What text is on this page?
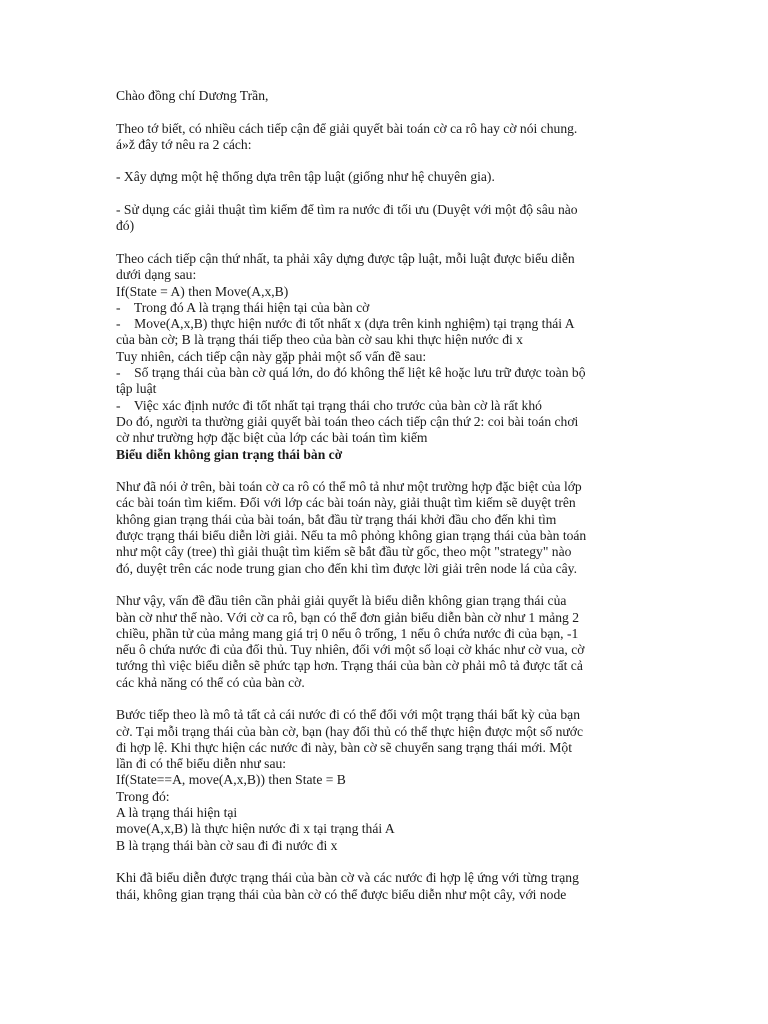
Chào đồng chí Dương Trần,
Theo tớ biết, có nhiều cách tiếp cận để giải quyết bài toán cờ ca rô hay cờ nói chung.
á»ž đây tớ nêu ra 2 cách:
- Xây dựng một hệ thống dựa trên tập luật (giống như hệ chuyên gia).
- Sử dụng các giải thuật tìm kiếm để tìm ra nước đi tối ưu (Duyệt với một độ sâu nào
đó)
Theo cách tiếp cận thứ nhất, ta phải xây dựng được tập luật, mỗi luật được biểu diễn
dưới dạng sau:
If(State = A) then Move(A,x,B)
-    Trong đó A là trạng thái hiện tại của bàn cờ
-    Move(A,x,B) thực hiện nước đi tốt nhất x (dựa trên kinh nghiệm) tại trạng thái A
của bàn cờ; B là trạng thái tiếp theo của bàn cờ sau khi thực hiện nước đi x
Tuy nhiên, cách tiếp cận này gặp phải một số vấn đề sau:
-    Số trạng thái của bàn cờ quá lớn, do đó không thể liệt kê hoặc lưu trữ được toàn bộ
tập luật
-    Việc xác định nước đi tốt nhất tại trạng thái cho trước của bàn cờ là rất khó
Do đó, người ta thường giải quyết bài toán theo cách tiếp cận thứ 2: coi bài toán chơi
cờ như trường hợp đặc biệt của lớp các bài toán tìm kiếm
Biểu diễn không gian trạng thái bàn cờ
Như đã nói ở trên, bài toán cờ ca rô có thể mô tả như một trường hợp đặc biệt của lớp
các bài toán tìm kiếm. Đối với lớp các bài toán này, giải thuật tìm kiếm sẽ duyệt trên
không gian trạng thái của bài toán, bắt đầu từ trạng thái khởi đầu cho đến khi tìm
được trạng thái biểu diễn lời giải. Nếu ta mô phỏng không gian trạng thái của bàn toán
như một cây (tree) thì giải thuật tìm kiếm sẽ bắt đầu từ gốc, theo một "strategy" nào
đó, duyệt trên các node trung gian cho đến khi tìm được lời giải trên node lá của cây.
Như vậy, vấn đề đầu tiên cần phải giải quyết là biểu diễn không gian trạng thái của
bàn cờ như thế nào. Với cờ ca rô, bạn có thể đơn giản biểu diễn bàn cờ như 1 mảng 2
chiều, phần tử của mảng mang giá trị 0 nếu ô trống, 1 nếu ô chứa nước đi của bạn, -1
nếu ô chứa nước đi của đối thủ. Tuy nhiên, đối với một số loại cờ khác như cờ vua, cờ
tướng thì việc biểu diễn sẽ phức tạp hơn. Trạng thái của bàn cờ phải mô tả được tất cả
các khả năng có thể có của bàn cờ.
Bước tiếp theo là mô tả tất cả cái nước đi có thể đối với một trạng thái bất kỳ của bạn
cờ. Tại mỗi trạng thái của bàn cờ, bạn (hay đối thủ có thể thực hiện được một số nước
đi hợp lệ. Khi thực hiện các nước đi này, bàn cờ sẽ chuyển sang trạng thái mới. Một
lần đi có thể biểu diễn như sau:
If(State==A, move(A,x,B)) then State = B
Trong đó:
A là trạng thái hiện tại
move(A,x,B) là thực hiện nước đi x tại trạng thái A
B là trạng thái bàn cờ sau đi đi nước đi x
Khi đã biểu diễn được trạng thái của bàn cờ và các nước đi hợp lệ ứng với từng trạng
thái, không gian trạng thái của bàn cờ có thể được biểu diễn như một cây, với node
